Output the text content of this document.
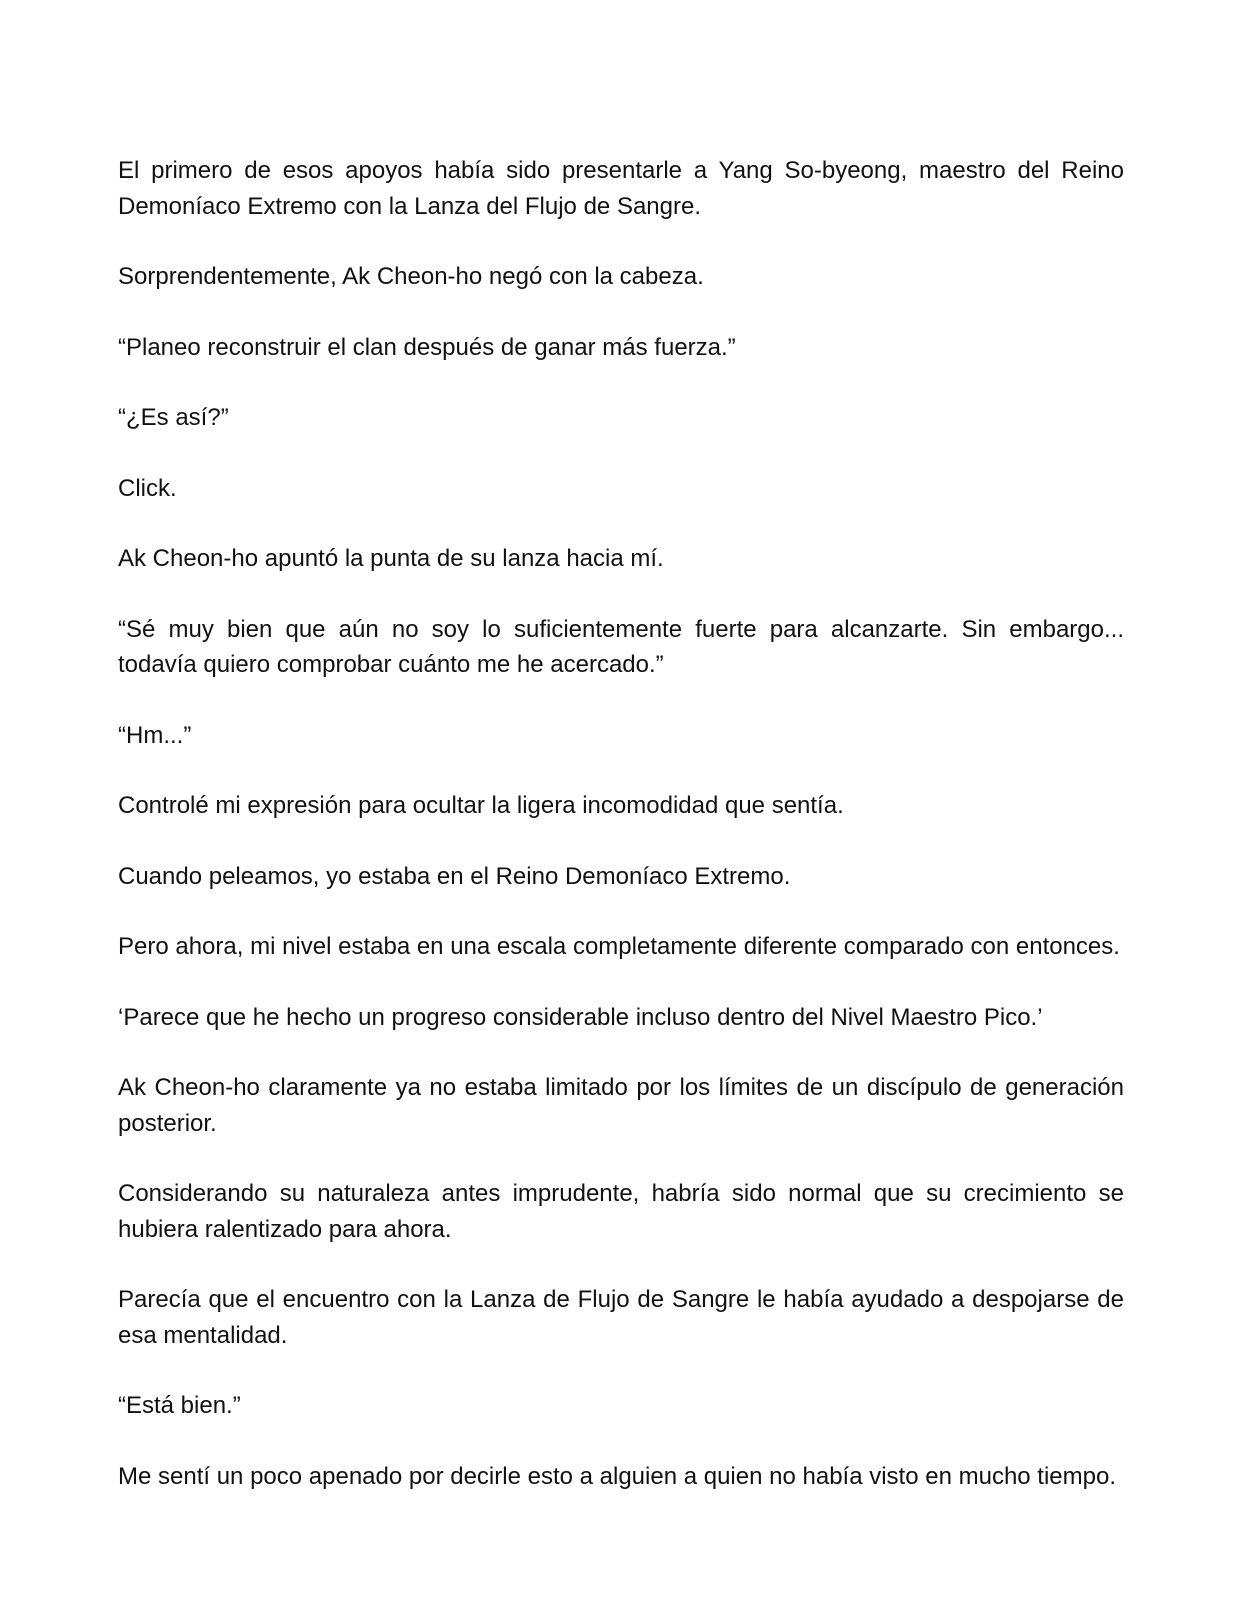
El primero de esos apoyos había sido presentarle a Yang So-byeong, maestro del Reino Demoníaco Extremo con la Lanza del Flujo de Sangre.

Sorprendentemente, Ak Cheon-ho negó con la cabeza.

“Planeo reconstruir el clan después de ganar más fuerza.”

“¿Es así?”

Click.

Ak Cheon-ho apuntó la punta de su lanza hacia mí.

“Sé muy bien que aún no soy lo suficientemente fuerte para alcanzarte. Sin embargo... todavía quiero comprobar cuánto me he acercado.”

“Hm...”

Controlé mi expresión para ocultar la ligera incomodidad que sentía.

Cuando peleamos, yo estaba en el Reino Demoníaco Extremo.

Pero ahora, mi nivel estaba en una escala completamente diferente comparado con entonces.

‘Parece que he hecho un progreso considerable incluso dentro del Nivel Maestro Pico.’

Ak Cheon-ho claramente ya no estaba limitado por los límites de un discípulo de generación posterior.

Considerando su naturaleza antes imprudente, habría sido normal que su crecimiento se hubiera ralentizado para ahora.

Parecía que el encuentro con la Lanza de Flujo de Sangre le había ayudado a despojarse de esa mentalidad.

“Está bien.”

Me sentí un poco apenado por decirle esto a alguien a quien no había visto en mucho tiempo.
